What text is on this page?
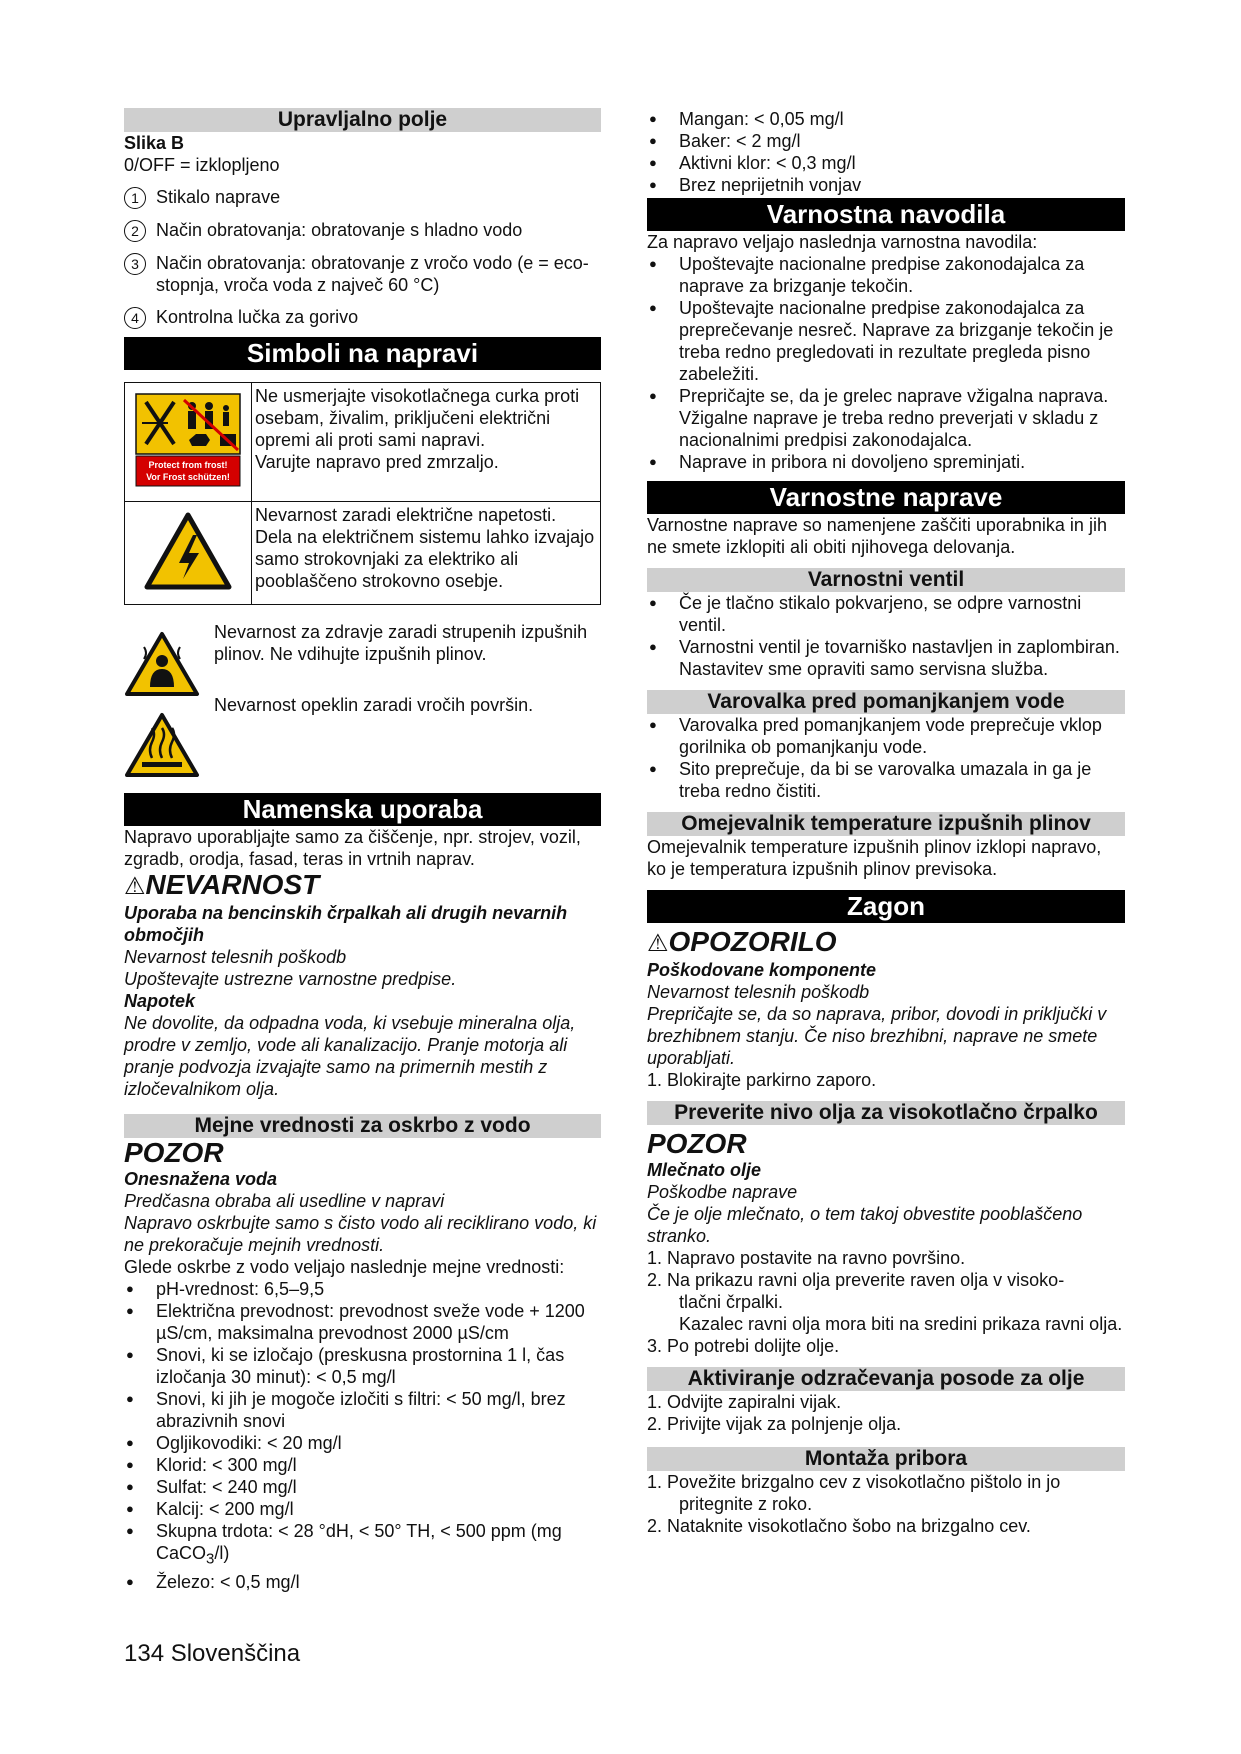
Upravljalno polje

Slika B

0/OFF = izklopljeno

1 Stikalo naprave
2 Način obratovanja: obratovanje s hladno vodo
3 Način obratovanja: obratovanje z vročo vodo (e = eco-stopnja, vroča voda z največ 60 °C)
4 Kontrolna lučka za gorivo
Simboli na napravi
Protect from frost!
Vor Frost schützen!	Ne usmerjajte visokotlačnega curka proti osebam, živalim, priključeni električni opremi ali proti sami napravi.
Varujte napravo pred zmrzaljo.
	Nevarnost zaradi električne napetosti. Dela na električnem sistemu lahko izvajajo samo strokovnjaki za elektriko ali pooblaščeno strokovno osebje.
Nevarnost za zdravje zaradi strupenih izpušnih plinov. Ne vdihujte izpušnih plinov.
Nevarnost opeklin zaradi vročih površin.
Namenska uporaba

Napravo uporabljajte samo za čiščenje, npr. strojev, vozil, zgradb, orodja, fasad, teras in vrtnih naprav.

⚠NEVARNOST

Uporaba na bencinskih črpalkah ali drugih nevarnih območjih

Nevarnost telesnih poškodb

Upoštevajte ustrezne varnostne predpise.

Napotek

Ne dovolite, da odpadna voda, ki vsebuje mineralna olja, prodre v zemljo, vode ali kanalizacijo. Pranje motorja ali pranje podvozja izvajajte samo na primernih mestih z izločevalnikom olja.

Mejne vrednosti za oskrbo z vodo

POZOR

Onesnažena voda

Predčasna obraba ali usedline v napravi

Napravo oskrbujte samo s čisto vodo ali reciklirano vodo, ki ne prekoračuje mejnih vrednosti.

Glede oskrbe z vodo veljajo naslednje mejne vrednosti:

● pH-vrednost: 6,5–9,5
● Električna prevodnost: prevodnost sveže vode + 1200 µS/cm, maksimalna prevodnost 2000 µS/cm
● Snovi, ki se izločajo (preskusna prostornina 1 l, čas izločanja 30 minut): < 0,5 mg/l
● Snovi, ki jih je mogoče izločiti s filtri: < 50 mg/l, brez abrazivnih snovi
● Ogljikovodiki: < 20 mg/l
● Klorid: < 300 mg/l
● Sulfat: < 240 mg/l
● Kalcij: < 200 mg/l
● Skupna trdota: < 28 °dH, < 50° TH, < 500 ppm (mg CaCO$_3$/l)
● Železo: < 0,5 mg/l
● Mangan: < 0,05 mg/l
● Baker: < 2 mg/l
● Aktivni klor: < 0,3 mg/l
● Brez neprijetnih vonjav
Varnostna navodila

Za napravo veljajo naslednja varnostna navodila:

● Upoštevajte nacionalne predpise zakonodajalca za naprave za brizganje tekočin.
● Upoštevajte nacionalne predpise zakonodajalca za preprečevanje nesreč. Naprave za brizganje tekočin je treba redno pregledovati in rezultate pregleda pisno zabeležiti.
● Prepričajte se, da je grelec naprave vžigalna naprava. Vžigalne naprave je treba redno preverjati v skladu z nacionalnimi predpisi zakonodajalca.
● Naprave in pribora ni dovoljeno spreminjati.
Varnostne naprave

Varnostne naprave so namenjene zaščiti uporabnika in jih ne smete izklopiti ali obiti njihovega delovanja.

Varnostni ventil
● Če je tlačno stikalo pokvarjeno, se odpre varnostni ventil.
● Varnostni ventil je tovarniško nastavljen in zaplombiran. Nastavitev sme opraviti samo servisna služba.
Varovalka pred pomanjkanjem vode
● Varovalka pred pomanjkanjem vode preprečuje vklop gorilnika ob pomanjkanju vode.
● Sito preprečuje, da bi se varovalka umazala in ga je treba redno čistiti.
Omejevalnik temperature izpušnih plinov

Omejevalnik temperature izpušnih plinov izklopi napravo, ko je temperatura izpušnih plinov previsoka.

Zagon

⚠OPOZORILO

Poškodovane komponente

Nevarnost telesnih poškodb

Prepričajte se, da so naprava, pribor, dovodi in priključki v brezhibnem stanju. Če niso brezhibni, naprave ne smete uporabljati.

1. Blokirajte parkirno zaporo.

Preverite nivo olja za visokotlačno črpalko

POZOR

Mlečnato olje

Poškodbe naprave

Če je olje mlečnato, o tem takoj obvestite pooblaščeno stranko.

1. Napravo postavite na ravno površino.
2. Na prikazu ravni olja preverite raven olja v visoko-
tlačni črpalki.
Kazalec ravni olja mora biti na sredini prikaza ravni olja.
3. Po potrebi dolijte olje.
Aktiviranje odzračevanja posode za olje
1. Odvijte zapiralni vijak.
2. Privijte vijak za polnjenje olja.
Montaža pribora
1. Povežite brizgalno cev z visokotlačno pištolo in jo
pritegnite z roko.
2. Nataknite visokotlačno šobo na brizgalno cev.
134 Slovenščina
